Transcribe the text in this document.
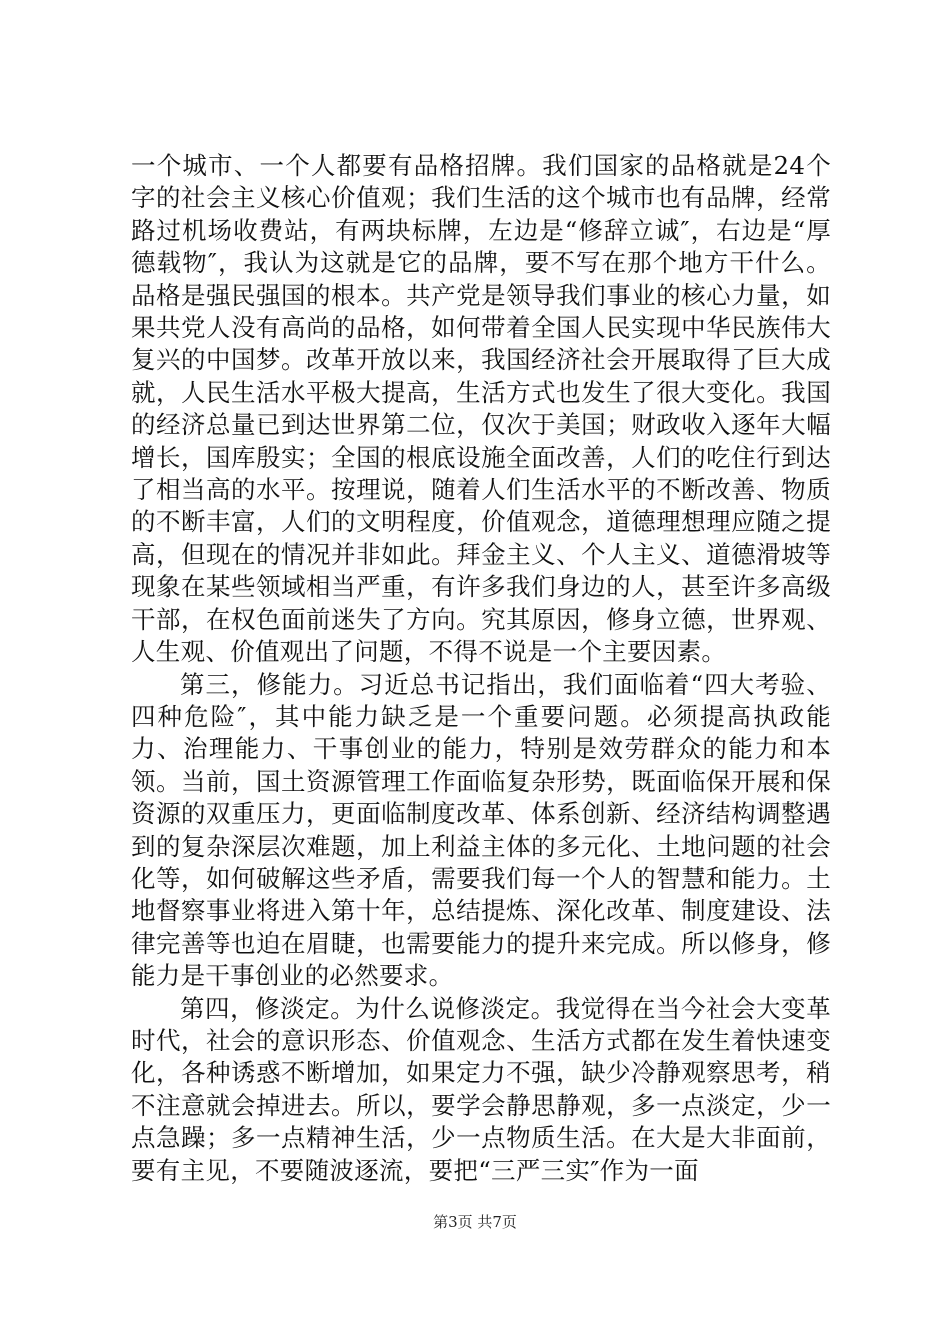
一个城市、一个人都要有品格招牌。我们国家的品格就是24个字的社会主义核心价值观；我们生活的这个城市也有品牌，经常路过机场收费站，有两块标牌，左边是“修辞立诚″，右边是“厚德载物″，我认为这就是它的品牌，要不写在那个地方干什么。品格是强民强国的根本。共产党是领导我们事业的核心力量，如果共党人没有高尚的品格，如何带着全国人民实现中华民族伟大复兴的中国梦。改革开放以来，我国经济社会开展取得了巨大成就，人民生活水平极大提高，生活方式也发生了很大变化。我国的经济总量已到达世界第二位，仅次于美国；财政收入逐年大幅增长，国库殷实；全国的根底设施全面改善，人们的吃住行到达了相当高的水平。按理说，随着人们生活水平的不断改善、物质的不断丰富，人们的文明程度，价值观念，道德理想理应随之提高，但现在的情况并非如此。拜金主义、个人主义、道德滑坡等现象在某些领域相当严重，有许多我们身边的人，甚至许多高级干部，在权色面前迷失了方向。究其原因，修身立德，世界观、人生观、价值观出了问题，不得不说是一个主要因素。

第三，修能力。习近总书记指出，我们面临着“四大考验、四种危险″，其中能力缺乏是一个重要问题。必须提高执政能力、治理能力、干事创业的能力，特别是效劳群众的能力和本领。当前，国土资源管理工作面临复杂形势，既面临保开展和保资源的双重压力，更面临制度改革、体系创新、经济结构调整遇到的复杂深层次难题，加上利益主体的多元化、土地问题的社会化等，如何破解这些矛盾，需要我们每一个人的智慧和能力。土地督察事业将进入第十年，总结提炼、深化改革、制度建设、法律完善等也迫在眉睫，也需要能力的提升来完成。所以修身，修能力是干事创业的必然要求。

第四，修淡定。为什么说修淡定。我觉得在当今社会大变革时代，社会的意识形态、价值观念、生活方式都在发生着快速变化，各种诱惑不断增加，如果定力不强，缺少冷静观察思考，稍不注意就会掉进去。所以，要学会静思静观，多一点淡定，少一点急躁；多一点精神生活，少一点物质生活。在大是大非面前，要有主见，不要随波逐流，要把“三严三实″作为一面

第3页 共7页
